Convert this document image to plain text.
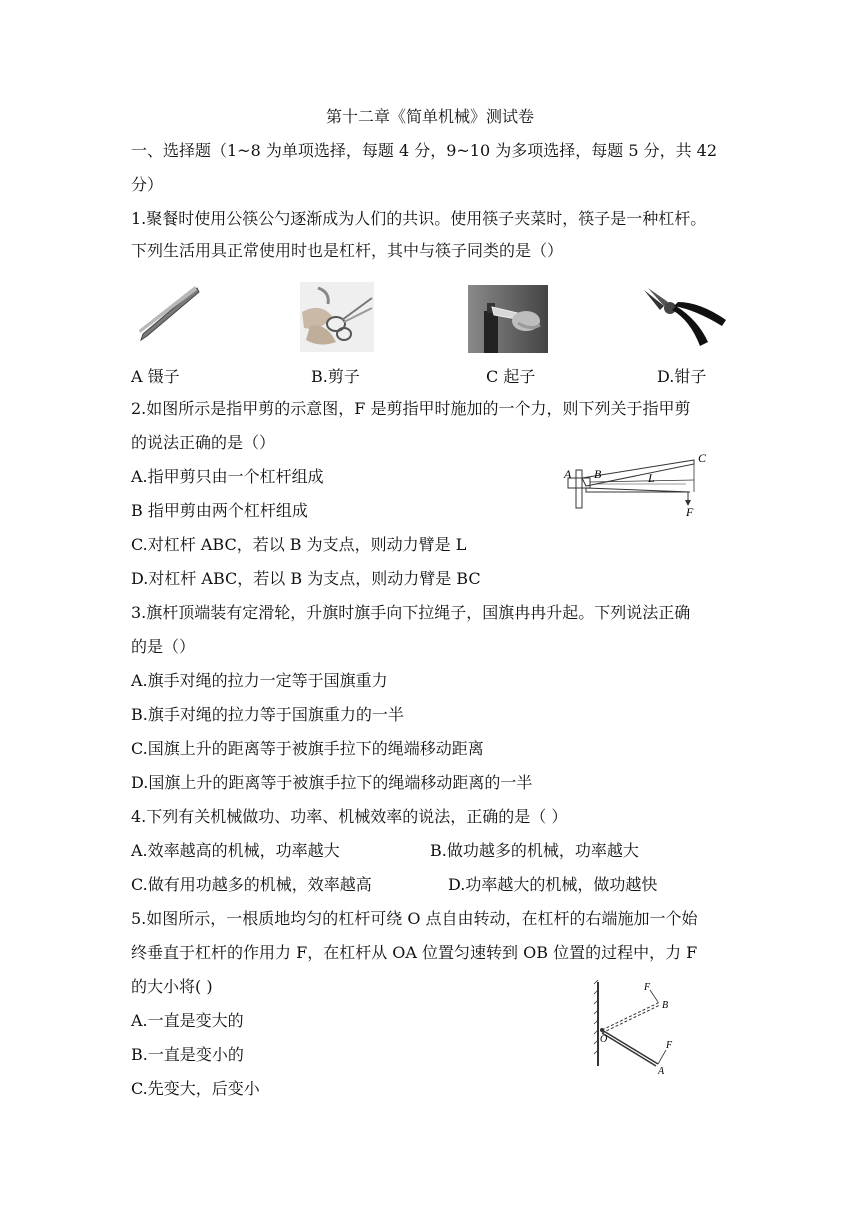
第十二章《简单机械》测试卷
一、选择题（1~8 为单项选择，每题 4 分，9~10 为多项选择，每题 5 分，共 42
分）
1.聚餐时使用公筷公勺逐渐成为人们的共识。使用筷子夹菜时，筷子是一种杠杆。
下列生活用具正常使用时也是杠杆，其中与筷子同类的是（）
A 镊子	B.剪子	C 起子	D.钳子
2.如图所示是指甲剪的示意图，F 是剪指甲时施加的一个力，则下列关于指甲剪
的说法正确的是（）
A.指甲剪只由一个杠杆组成
B 指甲剪由两个杠杆组成
C.对杠杆 ABC，若以 B 为支点，则动力臂是 L
D.对杠杆 ABC，若以 B 为支点，则动力臂是 BC
A B
C
L
F
3.旗杆顶端装有定滑轮，升旗时旗手向下拉绳子，国旗冉冉升起。下列说法正确
的是（）
A.旗手对绳的拉力一定等于国旗重力
B.旗手对绳的拉力等于国旗重力的一半
C.国旗上升的距离等于被旗手拉下的绳端移动距离
D.国旗上升的距离等于被旗手拉下的绳端移动距离的一半
4.下列有关机械做功、功率、机械效率的说法，正确的是（ ）
A.效率越高的机械，功率越大	B.做功越多的机械，功率越大
C.做有用功越多的机械，效率越高	D.功率越大的机械，做功越快
5.如图所示，一根质地均匀的杠杆可绕 O 点自由转动，在杠杆的右端施加一个始
终垂直于杠杆的作用力 F，在杠杆从 OA 位置匀速转到 OB 位置的过程中，力 F
的大小将( )
A.一直是变大的
B.一直是变小的
C.先变大，后变小
F
B
O
F
A
